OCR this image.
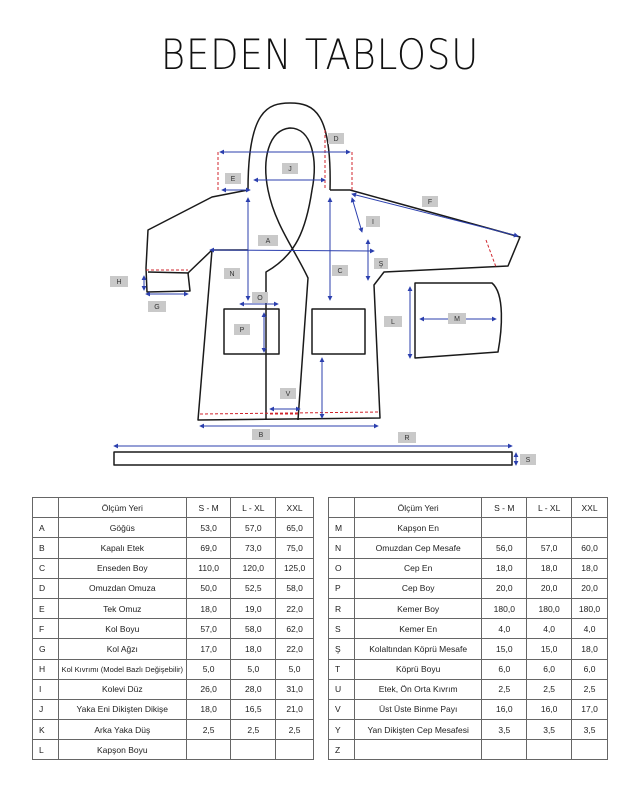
BEDEN TABLOSU
D
J
E
F
I
A
Ş
N	C
H
O
G
L	M
P
V
B	R
S
	Ölçüm Yeri	S - M	L - XL	XXL
A	Göğüs	53,0	57,0	65,0
B	Kapalı Etek	69,0	73,0	75,0
C	Enseden Boy	110,0	120,0	125,0
D	Omuzdan Omuza	50,0	52,5	58,0
E	Tek Omuz	18,0	19,0	22,0
F	Kol Boyu	57,0	58,0	62,0
G	Kol Ağzı	17,0	18,0	22,0
H	Kol Kıvrımı (Model Bazlı Değişebilir)	5,0	5,0	5,0
I	Kolevi Düz	26,0	28,0	31,0
J	Yaka Eni Dikişten Dikişe	18,0	16,5	21,0
K	Arka Yaka Düş	2,5	2,5	2,5
L	Kapşon Boyu			
	Ölçüm Yeri	S - M	L - XL	XXL
M	Kapşon En			
N	Omuzdan Cep Mesafe	56,0	57,0	60,0
O	Cep En	18,0	18,0	18,0
P	Cep Boy	20,0	20,0	20,0
R	Kemer Boy	180,0	180,0	180,0
S	Kemer En	4,0	4,0	4,0
Ş	Kolaltından Köprü Mesafe	15,0	15,0	18,0
T	Köprü Boyu	6,0	6,0	6,0
U	Etek, Ön Orta Kıvrım	2,5	2,5	2,5
V	Üst Üste Binme Payı	16,0	16,0	17,0
Y	Yan Dikişten Cep Mesafesi	3,5	3,5	3,5
Z				
